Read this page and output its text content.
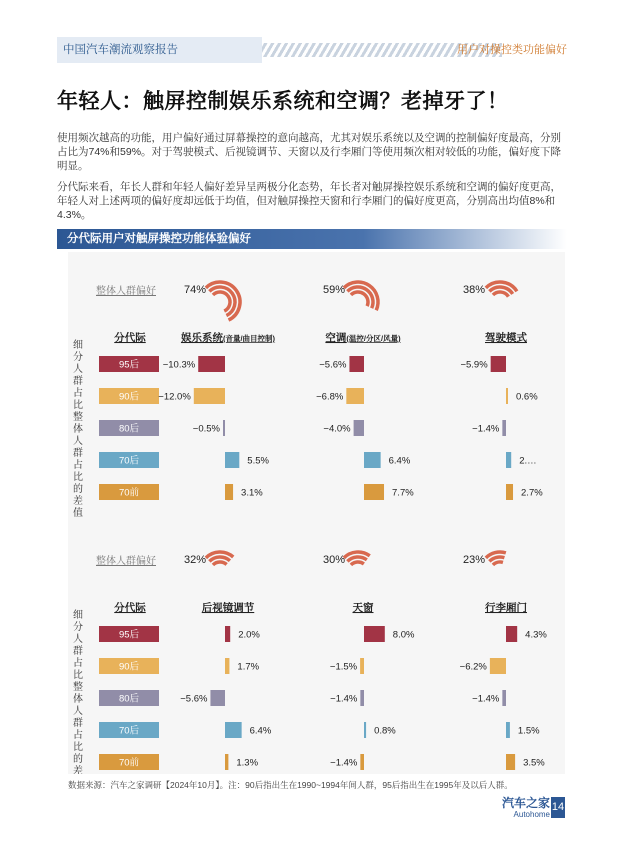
中国汽车潮流观察报告	用户对操控类功能偏好
年轻人：触屏控制娱乐系统和空调？老掉牙了！
使用频次越高的功能，用户偏好通过屏幕操控的意向越高，尤其对娱乐系统以及空调的控制偏好度最高，分别占比为74%和59%。对于驾驶模式、后视镜调节、天窗以及行李厢门等使用频次相对较低的功能，偏好度下降明显。
分代际来看，年长人群和年轻人偏好差异呈两极分化态势，年长者对触屏操控娱乐系统和空调的偏好度更高，年轻人对上述两项的偏好度却远低于均值，但对触屏操控天窗和行李厢门的偏好度更高，分别高出均值8%和4.3%。
分代际用户对触屏操控功能体验偏好
整体人群偏好
细分人群占比整体人群占比的差值
分代际
95后
90后
80后
70后
70前
74%
娱乐系统(音量/曲目控制)
−10.3%
−12.0%
−0.5%
5.5%
3.1%
59%
空调(温控/分区/风量)
−5.6%
−6.8%
−4.0%
6.4%
7.7%
38%
驾驶模式
−5.9%
0.6%
−1.4%
2.…
2.7%
整体人群偏好
细分人群占比整体人群占比的差
分代际
95后
90后
80后
70后
70前
32%
后视镜调节
2.0%
1.7%
−5.6%
6.4%
1.3%
30%
天窗
8.0%
−1.5%
−1.4%
0.8%
−1.4%
23%
行李厢门
4.3%
−6.2%
−1.4%
1.5%
3.5%
数据来源：汽车之家调研【2024年10月】。注：90后指出生在1990~1994年间人群，95后指出生在1995年及以后人群。
汽车之家
Autohome
14
